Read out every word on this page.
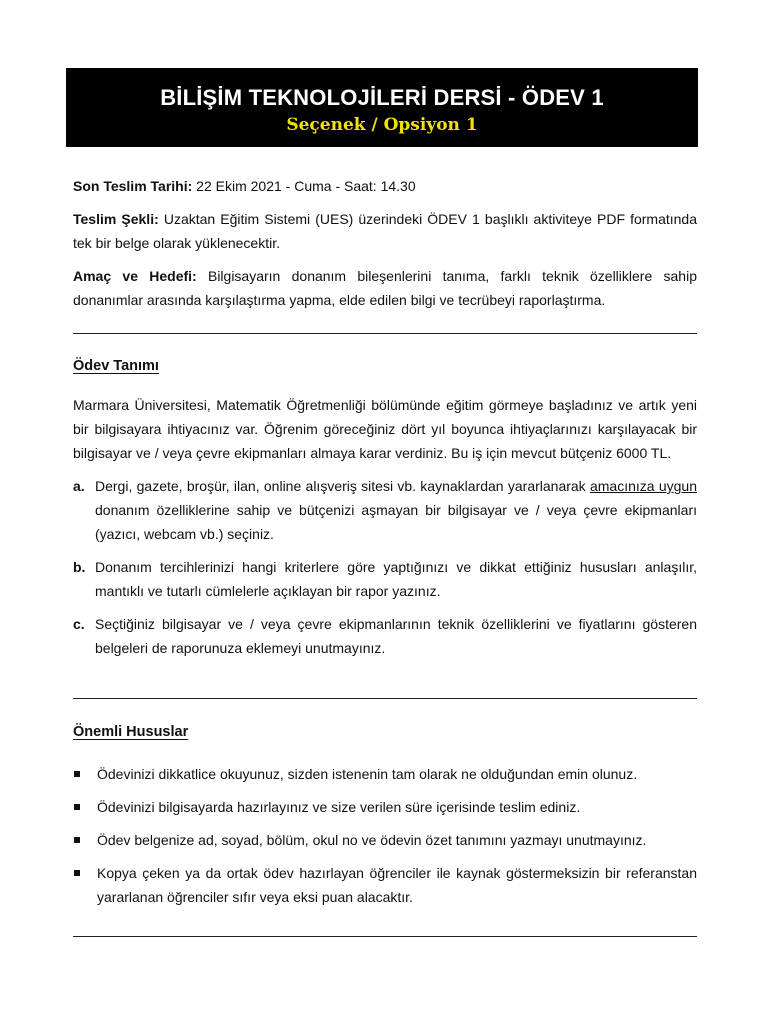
BİLİŞİM TEKNOLOJİLERİ DERSİ - ÖDEV 1
Seçenek / Opsiyon 1

Son Teslim Tarihi: 22 Ekim 2021 - Cuma - Saat: 14.30

Teslim Şekli: Uzaktan Eğitim Sistemi (UES) üzerindeki ÖDEV 1 başlıklı aktiviteye PDF formatında tek bir belge olarak yüklenecektir.

Amaç ve Hedefi: Bilgisayarın donanım bileşenlerini tanıma, farklı teknik özelliklere sahip donanımlar arasında karşılaştırma yapma, elde edilen bilgi ve tecrübeyi raporlaştırma.

Ödev Tanımı

Marmara Üniversitesi, Matematik Öğretmenliği bölümünde eğitim görmeye başladınız ve artık yeni bir bilgisayara ihtiyacınız var. Öğrenim göreceğiniz dört yıl boyunca ihtiyaçlarınızı karşılayacak bir bilgisayar ve / veya çevre ekipmanları almaya karar verdiniz. Bu iş için mevcut bütçeniz 6000 TL.

a. Dergi, gazete, broşür, ilan, online alışveriş sitesi vb. kaynaklardan yararlanarak amacınıza uygun donanım özelliklerine sahip ve bütçenizi aşmayan bir bilgisayar ve / veya çevre ekipmanları (yazıcı, webcam vb.) seçiniz.

b. Donanım tercihlerinizi hangi kriterlere göre yaptığınızı ve dikkat ettiğiniz hususları anlaşılır, mantıklı ve tutarlı cümlelerle açıklayan bir rapor yazınız.

c. Seçtiğiniz bilgisayar ve / veya çevre ekipmanlarının teknik özelliklerini ve fiyatlarını gösteren belgeleri de raporunuza eklemeyi unutmayınız.

Önemli Hususlar

Ödevinizi dikkatlice okuyunuz, sizden istenenin tam olarak ne olduğundan emin olunuz.

Ödevinizi bilgisayarda hazırlayınız ve size verilen süre içerisinde teslim ediniz.

Ödev belgenize ad, soyad, bölüm, okul no ve ödevin özet tanımını yazmayı unutmayınız.

Kopya çeken ya da ortak ödev hazırlayan öğrenciler ile kaynak göstermeksizin bir referanstan yararlanan öğrenciler sıfır veya eksi puan alacaktır.
